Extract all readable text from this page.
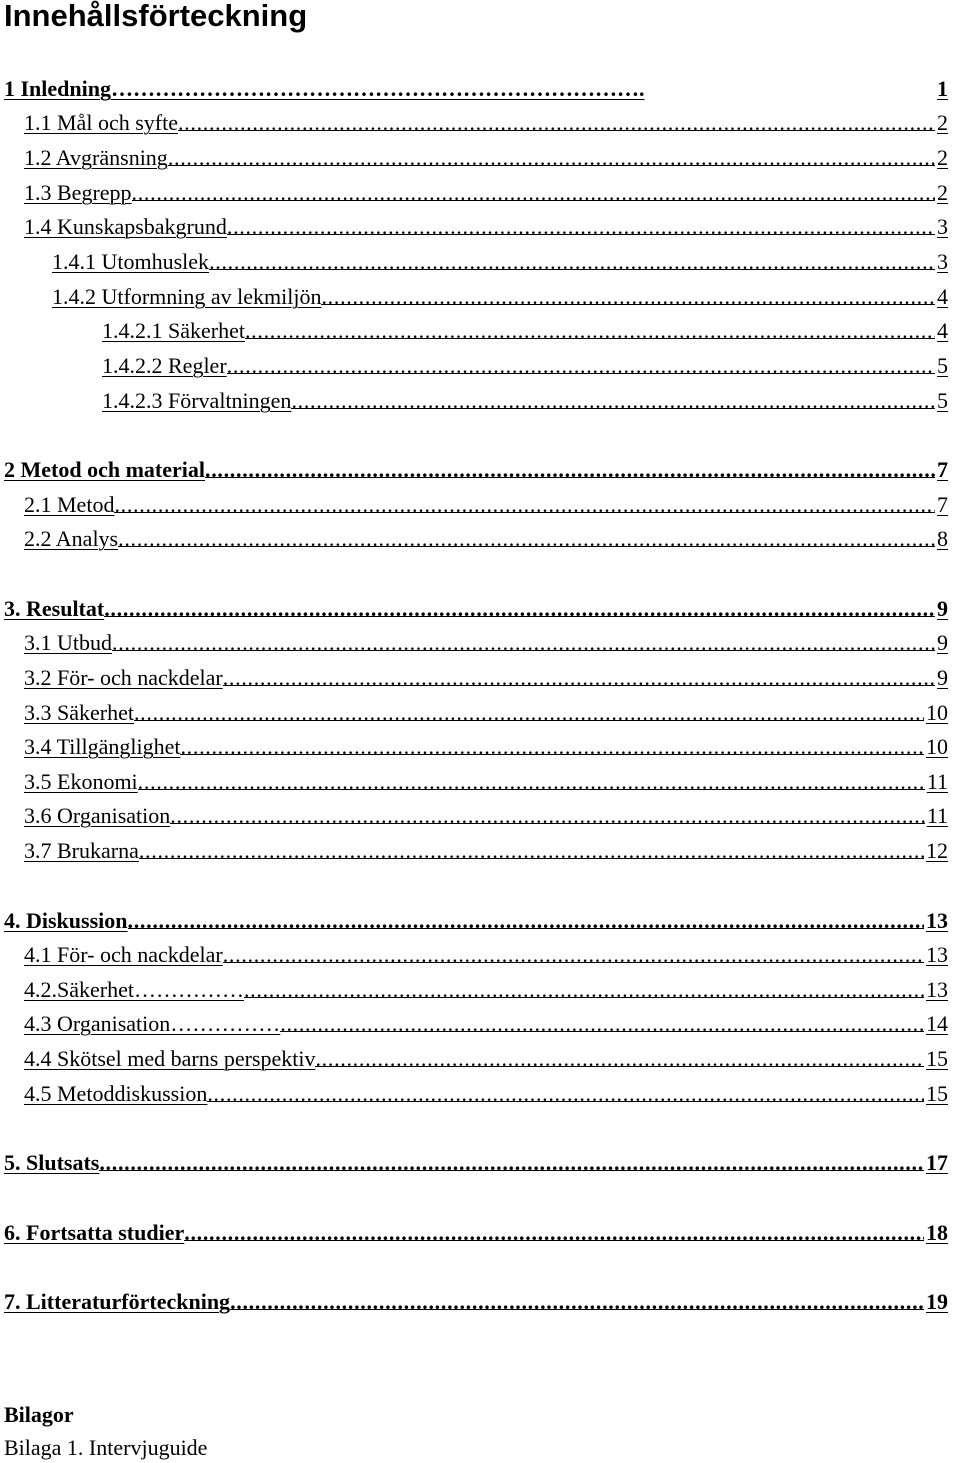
Innehållsförteckning
1 Inledning……………………………………………………………….	1
1.1 Mål och syfte . . .	2
1.2 Avgränsning . . .	2
1.3 Begrepp . . .	2
1.4 Kunskapsbakgrund . . .	3
1.4.1 Utomhuslek . . .	3
1.4.2 Utformning av lekmiljön . . .	4
1.4.2.1 Säkerhet . . .	4
1.4.2.2 Regler . . .	5
1.4.2.3 Förvaltningen . . .	5
2 Metod och material . . .	7
2.1 Metod . . .	7
2.2 Analys . . .	8
3. Resultat . . .	9
3.1 Utbud . . .	9
3.2 För- och nackdelar . . .	9
3.3 Säkerhet . . .	10
3.4 Tillgänglighet . . .	10
3.5 Ekonomi . . .	11
3.6 Organisation . . .	11
3.7 Brukarna . . .	12
4. Diskussion . . .	13
4.1 För- och nackdelar . . .	13
4.2.Säkerhet…………… . . .	13
4.3 Organisation…………… . . .	14
4.4 Skötsel med barns perspektiv . . .	15
4.5 Metoddiskussion . . .	15
5. Slutsats . . .	17
6. Fortsatta studier . . .	18
7. Litteraturförteckning . . .	19
Bilagor
Bilaga 1. Intervjuguide
